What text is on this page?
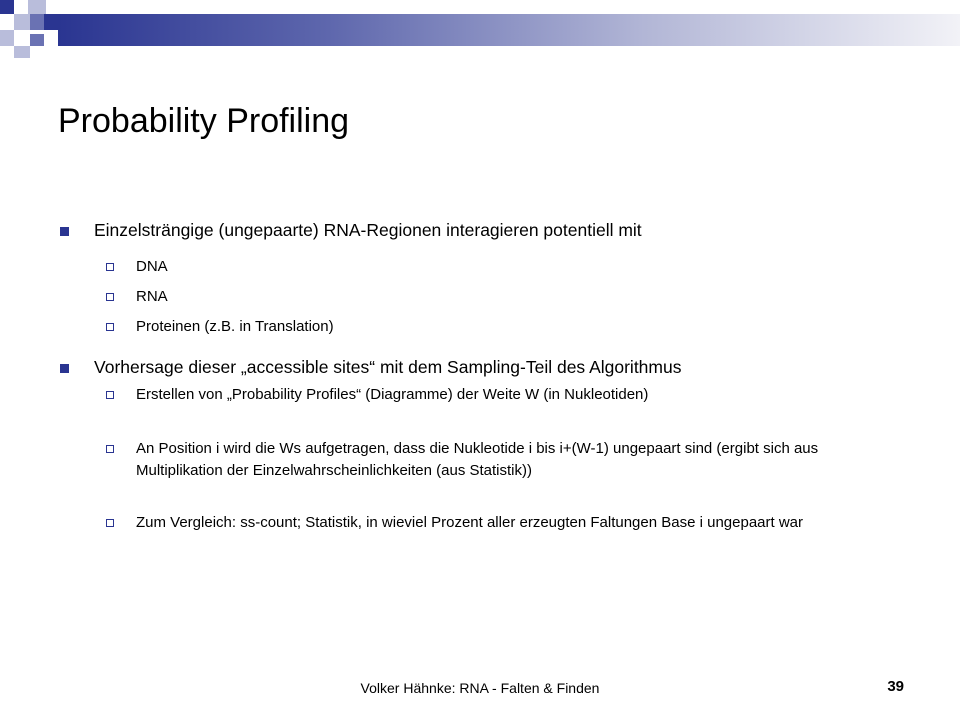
Probability Profiling
Einzelsträngige (ungepaarte) RNA-Regionen interagieren potentiell mit
DNA
RNA
Proteinen (z.B. in Translation)
Vorhersage dieser „accessible sites“ mit dem Sampling-Teil des Algorithmus
Erstellen von „Probability Profiles“ (Diagramme) der Weite W (in Nukleotiden)
An Position i wird die Ws aufgetragen, dass die Nukleotide i bis i+(W-1) ungepaart sind (ergibt sich aus Multiplikation der Einzelwahrscheinlichkeiten (aus Statistik))
Zum Vergleich: ss-count; Statistik, in wieviel Prozent aller erzeugten Faltungen Base i ungepaart war
Volker Hähnke: RNA - Falten & Finden	39
